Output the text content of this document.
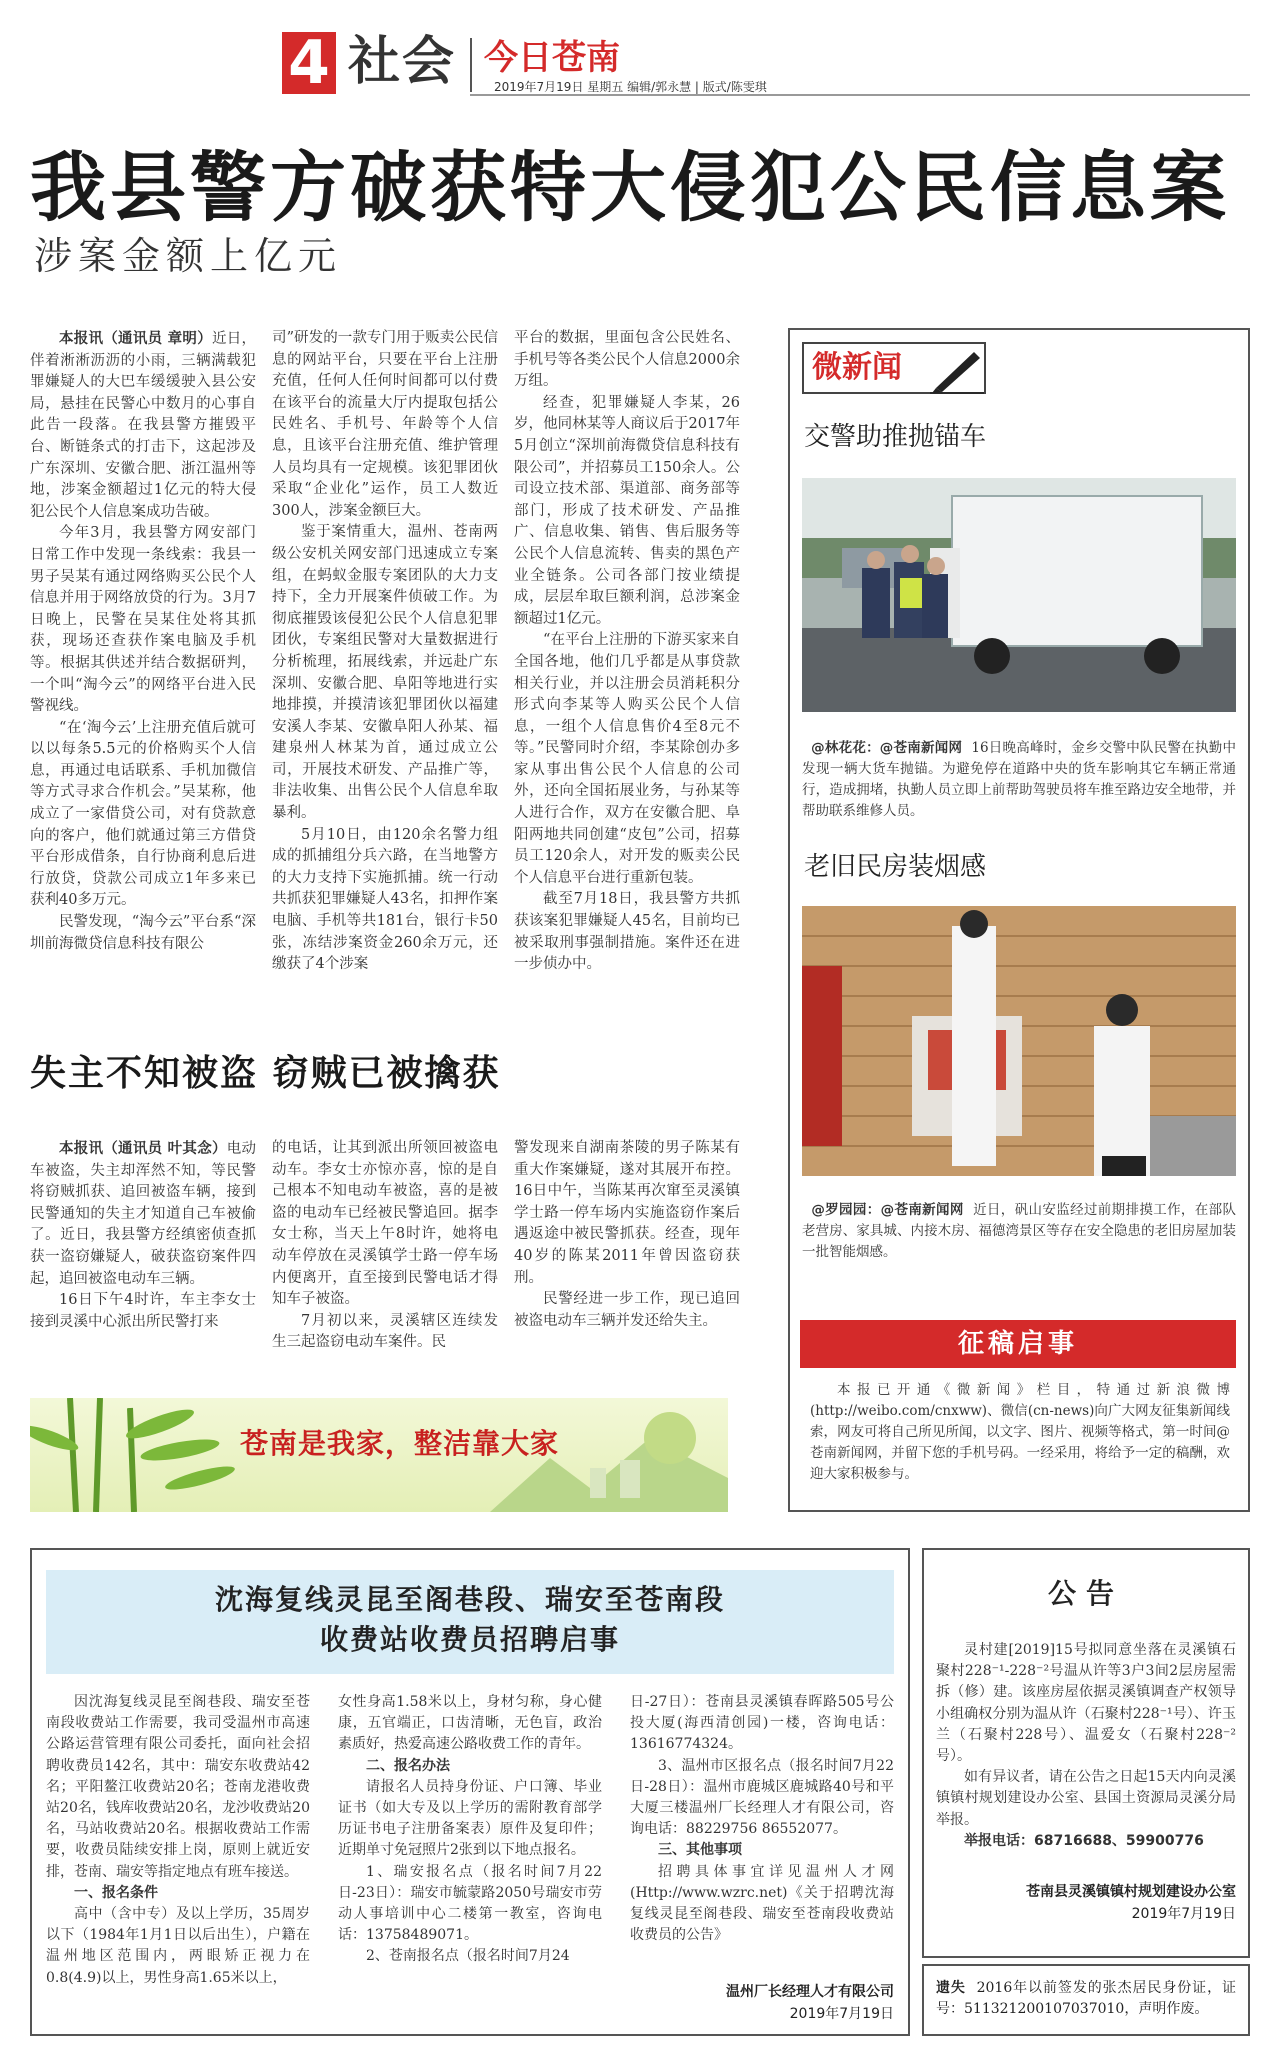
4 社会 今日苍南
2019年7月19日 星期五 编辑/郭永慧 | 版式/陈雯琪
我县警方破获特大侵犯公民信息案
涉案金额上亿元

本报讯（通讯员 章明）近日，伴着淅淅沥沥的小雨，三辆满载犯罪嫌疑人的大巴车缓缓驶入县公安局，悬挂在民警心中数月的心事自此告一段落。在我县警方摧毁平台、断链条式的打击下，这起涉及广东深圳、安徽合肥、浙江温州等地，涉案金额超过1亿元的特大侵犯公民个人信息案成功告破。

今年3月，我县警方网安部门日常工作中发现一条线索：我县一男子吴某有通过网络购买公民个人信息并用于网络放贷的行为。3月7日晚上，民警在吴某住处将其抓获，现场还查获作案电脑及手机等。根据其供述并结合数据研判，一个叫“淘今云”的网络平台进入民警视线。

“在‘淘今云’上注册充值后就可以以每条5.5元的价格购买个人信息，再通过电话联系、手机加微信等方式寻求合作机会。”吴某称，他成立了一家借贷公司，对有贷款意向的客户，他们就通过第三方借贷平台形成借条，自行协商利息后进行放贷，贷款公司成立1年多来已获利40多万元。

民警发现，“淘今云”平台系“深圳前海微贷信息科技有限公

司”研发的一款专门用于贩卖公民信息的网站平台，只要在平台上注册充值，任何人任何时间都可以付费在该平台的流量大厅内提取包括公民姓名、手机号、年龄等个人信息，且该平台注册充值、维护管理人员均具有一定规模。该犯罪团伙采取“企业化”运作，员工人数近300人，涉案金额巨大。

鉴于案情重大，温州、苍南两级公安机关网安部门迅速成立专案组，在蚂蚁金服专案团队的大力支持下，全力开展案件侦破工作。为彻底摧毁该侵犯公民个人信息犯罪团伙，专案组民警对大量数据进行分析梳理，拓展线索，并远赴广东深圳、安徽合肥、阜阳等地进行实地排摸，并摸清该犯罪团伙以福建安溪人李某、安徽阜阳人孙某、福建泉州人林某为首，通过成立公司，开展技术研发、产品推广等，非法收集、出售公民个人信息牟取暴利。

5月10日，由120余名警力组成的抓捕组分兵六路，在当地警方的大力支持下实施抓捕。统一行动共抓获犯罪嫌疑人43名，扣押作案电脑、手机等共181台，银行卡50张，冻结涉案资金260余万元，还缴获了4个涉案

平台的数据，里面包含公民姓名、手机号等各类公民个人信息2000余万组。

经查，犯罪嫌疑人李某，26岁，他同林某等人商议后于2017年5月创立“深圳前海微贷信息科技有限公司”，并招募员工150余人。公司设立技术部、渠道部、商务部等部门，形成了技术研发、产品推广、信息收集、销售、售后服务等公民个人信息流转、售卖的黑色产业全链条。公司各部门按业绩提成，层层牟取巨额利润，总涉案金额超过1亿元。

“在平台上注册的下游买家来自全国各地，他们几乎都是从事贷款相关行业，并以注册会员消耗积分形式向李某等人购买公民个人信息，一组个人信息售价4至8元不等。”民警同时介绍，李某除创办多家从事出售公民个人信息的公司外，还向全国拓展业务，与孙某等人进行合作，双方在安徽合肥、阜阳两地共同创建“皮包”公司，招募员工120余人，对开发的贩卖公民个人信息平台进行重新包装。

截至7月18日，我县警方共抓获该案犯罪嫌疑人45名，目前均已被采取刑事强制措施。案件还在进一步侦办中。

微新闻
交警助推抛锚车
@林花花：@苍南新闻网 16日晚高峰时，金乡交警中队民警在执勤中发现一辆大货车抛锚。为避免停在道路中央的货车影响其它车辆正常通行，造成拥堵，执勤人员立即上前帮助驾驶员将车推至路边安全地带，并帮助联系维修人员。
老旧民房装烟感
@罗园园：@苍南新闻网 近日，矾山安监经过前期排摸工作，在部队老营房、家具城、内接木房、福德湾景区等存在安全隐患的老旧房屋加装一批智能烟感。
征稿启事
本报已开通《微新闻》栏目，特通过新浪微博(http://weibo.com/cnxww)、微信(cn-news)向广大网友征集新闻线索，网友可将自己所见所闻，以文字、图片、视频等格式，第一时间@苍南新闻网，并留下您的手机号码。一经采用，将给予一定的稿酬，欢迎大家积极参与。
失主不知被盗 窃贼已被擒获

本报讯（通讯员 叶其念）电动车被盗，失主却浑然不知，等民警将窃贼抓获、追回被盗车辆，接到民警通知的失主才知道自己车被偷了。近日，我县警方经缜密侦查抓获一盗窃嫌疑人，破获盗窃案件四起，追回被盗电动车三辆。

16日下午4时许，车主李女士接到灵溪中心派出所民警打来

的电话，让其到派出所领回被盗电动车。李女士亦惊亦喜，惊的是自己根本不知电动车被盗，喜的是被盗的电动车已经被民警追回。据李女士称，当天上午8时许，她将电动车停放在灵溪镇学士路一停车场内便离开，直至接到民警电话才得知车子被盗。

7月初以来，灵溪辖区连续发生三起盗窃电动车案件。民

警发现来自湖南茶陵的男子陈某有重大作案嫌疑，遂对其展开布控。16日中午，当陈某再次窜至灵溪镇学士路一停车场内实施盗窃作案后遇返途中被民警抓获。经查，现年40岁的陈某2011年曾因盗窃获刑。

民警经进一步工作，现已追回被盗电动车三辆并发还给失主。

苍南是我家，整洁靠大家
沈海复线灵昆至阁巷段、瑞安至苍南段
收费站收费员招聘启事

因沈海复线灵昆至阁巷段、瑞安至苍南段收费站工作需要，我司受温州市高速公路运营管理有限公司委托，面向社会招聘收费员142名，其中：瑞安东收费站42名；平阳鳌江收费站20名；苍南龙港收费站20名，钱库收费站20名，龙沙收费站20名，马站收费站20名。根据收费站工作需要，收费员陆续安排上岗，原则上就近安排，苍南、瑞安等指定地点有班车接送。

一、报名条件

高中（含中专）及以上学历，35周岁以下（1984年1月1日以后出生），户籍在温州地区范围内，两眼矫正视力在0.8(4.9)以上，男性身高1.65米以上，

女性身高1.58米以上，身材匀称，身心健康，五官端正，口齿清晰，无色盲，政治素质好，热爱高速公路收费工作的青年。

二、报名办法

请报名人员持身份证、户口簿、毕业证书（如大专及以上学历的需附教育部学历证书电子注册备案表）原件及复印件；近期单寸免冠照片2张到以下地点报名。

1、瑞安报名点（报名时间7月22日-23日）：瑞安市毓蒙路2050号瑞安市劳动人事培训中心二楼第一教室，咨询电话：13758489071。

2、苍南报名点（报名时间7月24

日-27日）：苍南县灵溪镇春晖路505号公投大厦(海西清创园)一楼，咨询电话：13616774324。

3、温州市区报名点（报名时间7月22日-28日）：温州市鹿城区鹿城路40号和平大厦三楼温州厂长经理人才有限公司，咨询电话：88229756 86552077。

三、其他事项

招聘具体事宜详见温州人才网(Http://www.wzrc.net)《关于招聘沈海复线灵昆至阁巷段、瑞安至苍南段收费站收费员的公告》

温州厂长经理人才有限公司
2019年7月19日
公告

灵村建[2019]15号拟同意坐落在灵溪镇石聚村228⁻¹-228⁻²号温从许等3户3间2层房屋需拆（修）建。该座房屋依据灵溪镇调查产权领导小组确权分别为温从许（石聚村228⁻¹号）、许玉兰（石聚村228号）、温爱女（石聚村228⁻²号）。

如有异议者，请在公告之日起15天内向灵溪镇镇村规划建设办公室、县国土资源局灵溪分局举报。

举报电话：68716688、59900776

苍南县灵溪镇镇村规划建设办公室
2019年7月19日
遗失 2016年以前签发的张杰居民身份证，证号：511321200107037010，声明作废。
